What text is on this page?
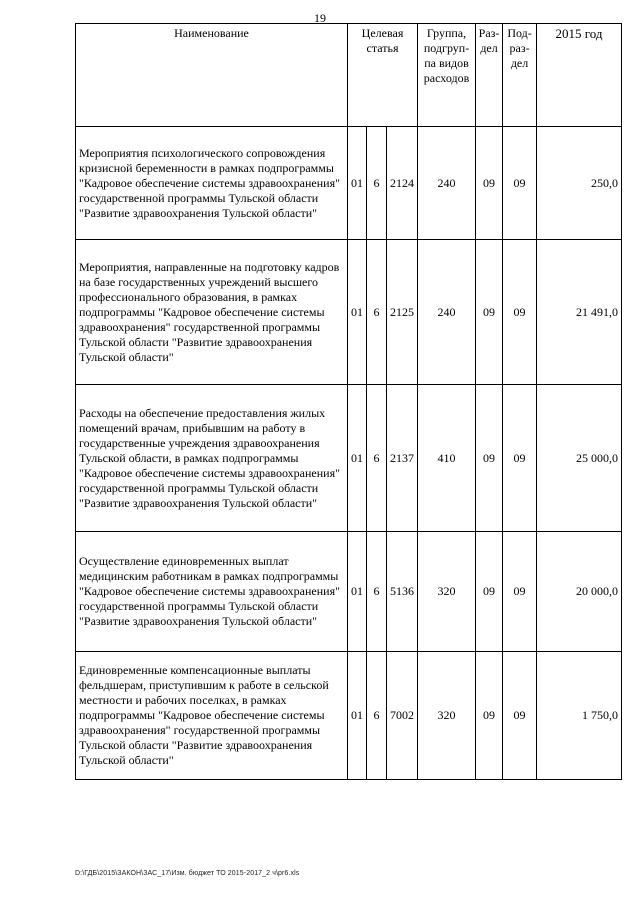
19
Наименование	Целевая статья			Группа, подгруп-па видов расходов	Раз-дел	Под-раз-дел	2015 год
Мероприятия психологического сопровождения кризисной беременности в рамках подпрограммы "Кадровое обеспечение системы здравоохранения" государственной программы Тульской области "Развитие здравоохранения Тульской области"	01	6	2124	240	09	09	250,0
Мероприятия, направленные на подготовку кадров на базе государственных учреждений высшего профессионального образования, в рамках подпрограммы "Кадровое обеспечение системы здравоохранения" государственной программы Тульской области "Развитие здравоохранения Тульской области"	01	6	2125	240	09	09	21 491,0
Расходы на обеспечение предоставления жилых помещений врачам, прибывшим на работу в государственные учреждения здравоохранения Тульской области, в рамках подпрограммы "Кадровое обеспечение системы здравоохранения" государственной программы Тульской области "Развитие здравоохранения Тульской области"	01	6	2137	410	09	09	25 000,0
Осуществление единовременных выплат медицинским работникам в рамках подпрограммы "Кадровое обеспечение системы здравоохранения" государственной программы Тульской области "Развитие здравоохранения Тульской области"	01	6	5136	320	09	09	20 000,0
Единовременные компенсационные выплаты фельдшерам, приступившим к работе в сельской местности и рабочих поселках, в рамках подпрограммы "Кадровое обеспечение системы здравоохранения" государственной программы Тульской области "Развитие здравоохранения Тульской области"	01	6	7002	320	09	09	1 750,0
D:\ГДБ\2015\ЗАКОН\ЗАС_17\Изм. бюджет ТО 2015-2017_2 ч\pr6.xls
